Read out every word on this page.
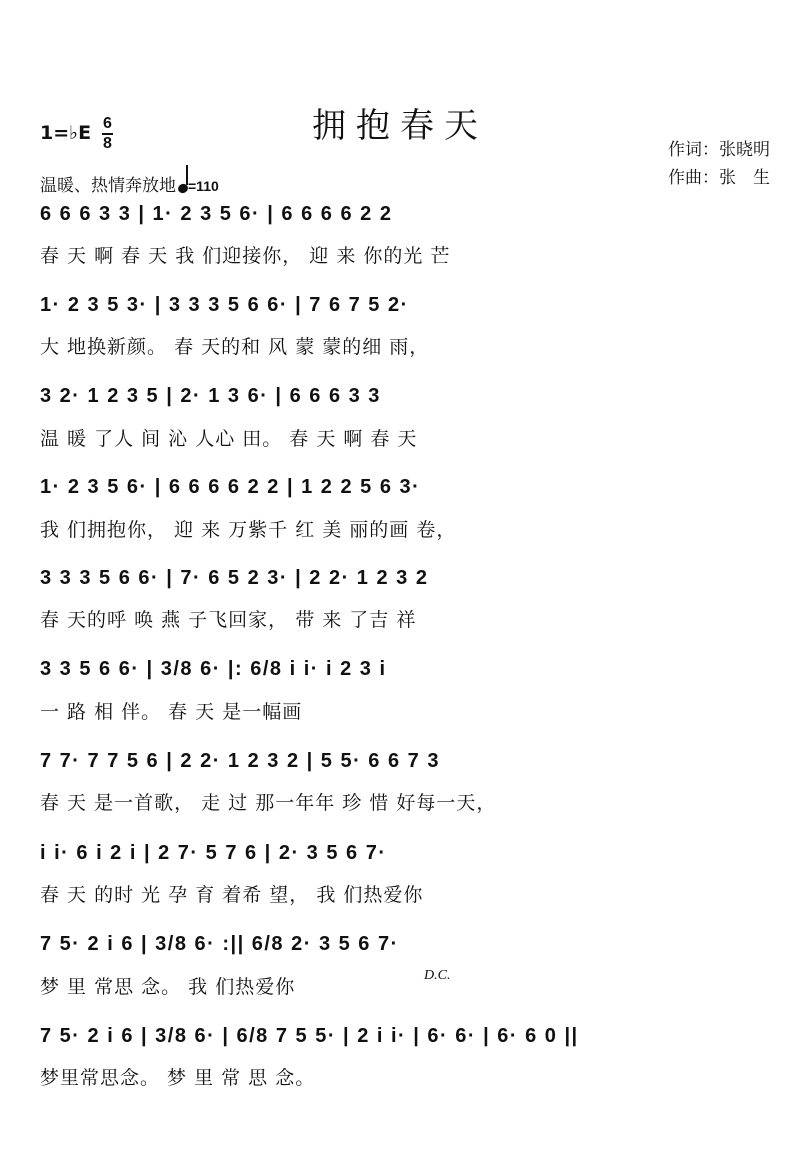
拥抱春天
1=♭E 6
8
温暖、热情奔放地 =110
作词：张晓明
作曲：张　生
6 6 6 3 3 | 1· 2 3 5 6· | 6 6 6 6 2 2
春 天 啊 春 天 我 们迎接你， 迎 来 你的光 芒
1· 2 3 5 3· | 3 3 3 5 6 6· | 7 6 7 5 2·
大 地换新颜。 春 天的和 风 蒙 蒙的细 雨，
3 2· 1 2 3 5 | 2· 1 3 6· | 6 6 6 3 3
温 暖 了人 间 沁 人心 田。 春 天 啊 春 天
1· 2 3 5 6· | 6 6 6 6 2 2 | 1 2 2 5 6 3·
我 们拥抱你， 迎 来 万紫千 红 美 丽的画 卷，
3 3 3 5 6 6· | 7· 6 5 2 3· | 2 2· 1 2 3 2
春 天的呼 唤 燕 子飞回家， 带 来 了吉 祥
3 3 5 6 6· | 3/8 6· |: 6/8 i i· i 2 3 i
一 路 相 伴。 春 天 是一幅画
7 7· 7 7 5 6 | 2 2· 1 2 3 2 | 5 5· 6 6 7 3
春 天 是一首歌， 走 过 那一年年 珍 惜 好每一天，
i i· 6 i 2 i | 2 7· 5 7 6 | 2· 3 5 6 7·
春 天 的时 光 孕 育 着希 望， 我 们热爱你
7 5· 2 i 6 | 3/8 6· :|| 6/8 2· 3 5 6 7·
D.C.
梦 里 常思 念。 我 们热爱你
7 5· 2 i 6 | 3/8 6· | 6/8 7 5 5· | 2 i i· | 6· 6· | 6· 6 0 ||
梦里常思念。 梦 里 常 思 念。
